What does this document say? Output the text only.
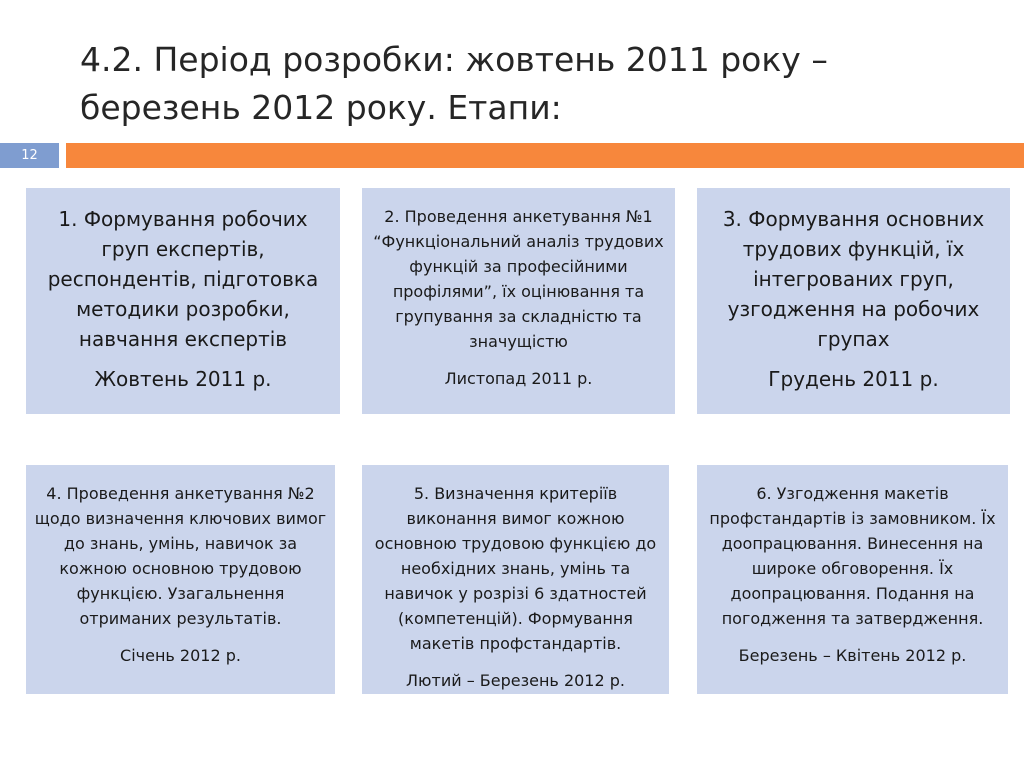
4.2. Період розробки: жовтень 2011 року – березень 2012 року. Етапи:
12
1. Формування робочих груп експертів, респондентів, підготовка методики розробки, навчання експертів
Жовтень 2011 р.
2. Проведення анкетування №1 “Функціональний аналіз трудових функцій за професійними профілями”, їх оцінювання та групування за складністю та значущістю
Листопад 2011 р.
3. Формування основних трудових функцій, їх інтегрованих груп, узгодження на робочих групах
Грудень 2011 р.
4. Проведення анкетування №2 щодо визначення ключових вимог до знань, умінь, навичок за кожною основною трудовою функцією. Узагальнення отриманих результатів.
Січень 2012 р.
5. Визначення критеріїв виконання вимог кожною основною трудовою функцією до необхідних знань, умінь та навичок у розрізі 6 здатностей (компетенцій). Формування макетів профстандартів.
Лютий – Березень 2012 р.
6. Узгодження макетів профстандартів із замовником. Їх доопрацювання. Винесення на широке обговорення. Їх доопрацювання. Подання на погодження та затвердження.
Березень – Квітень 2012 р.
